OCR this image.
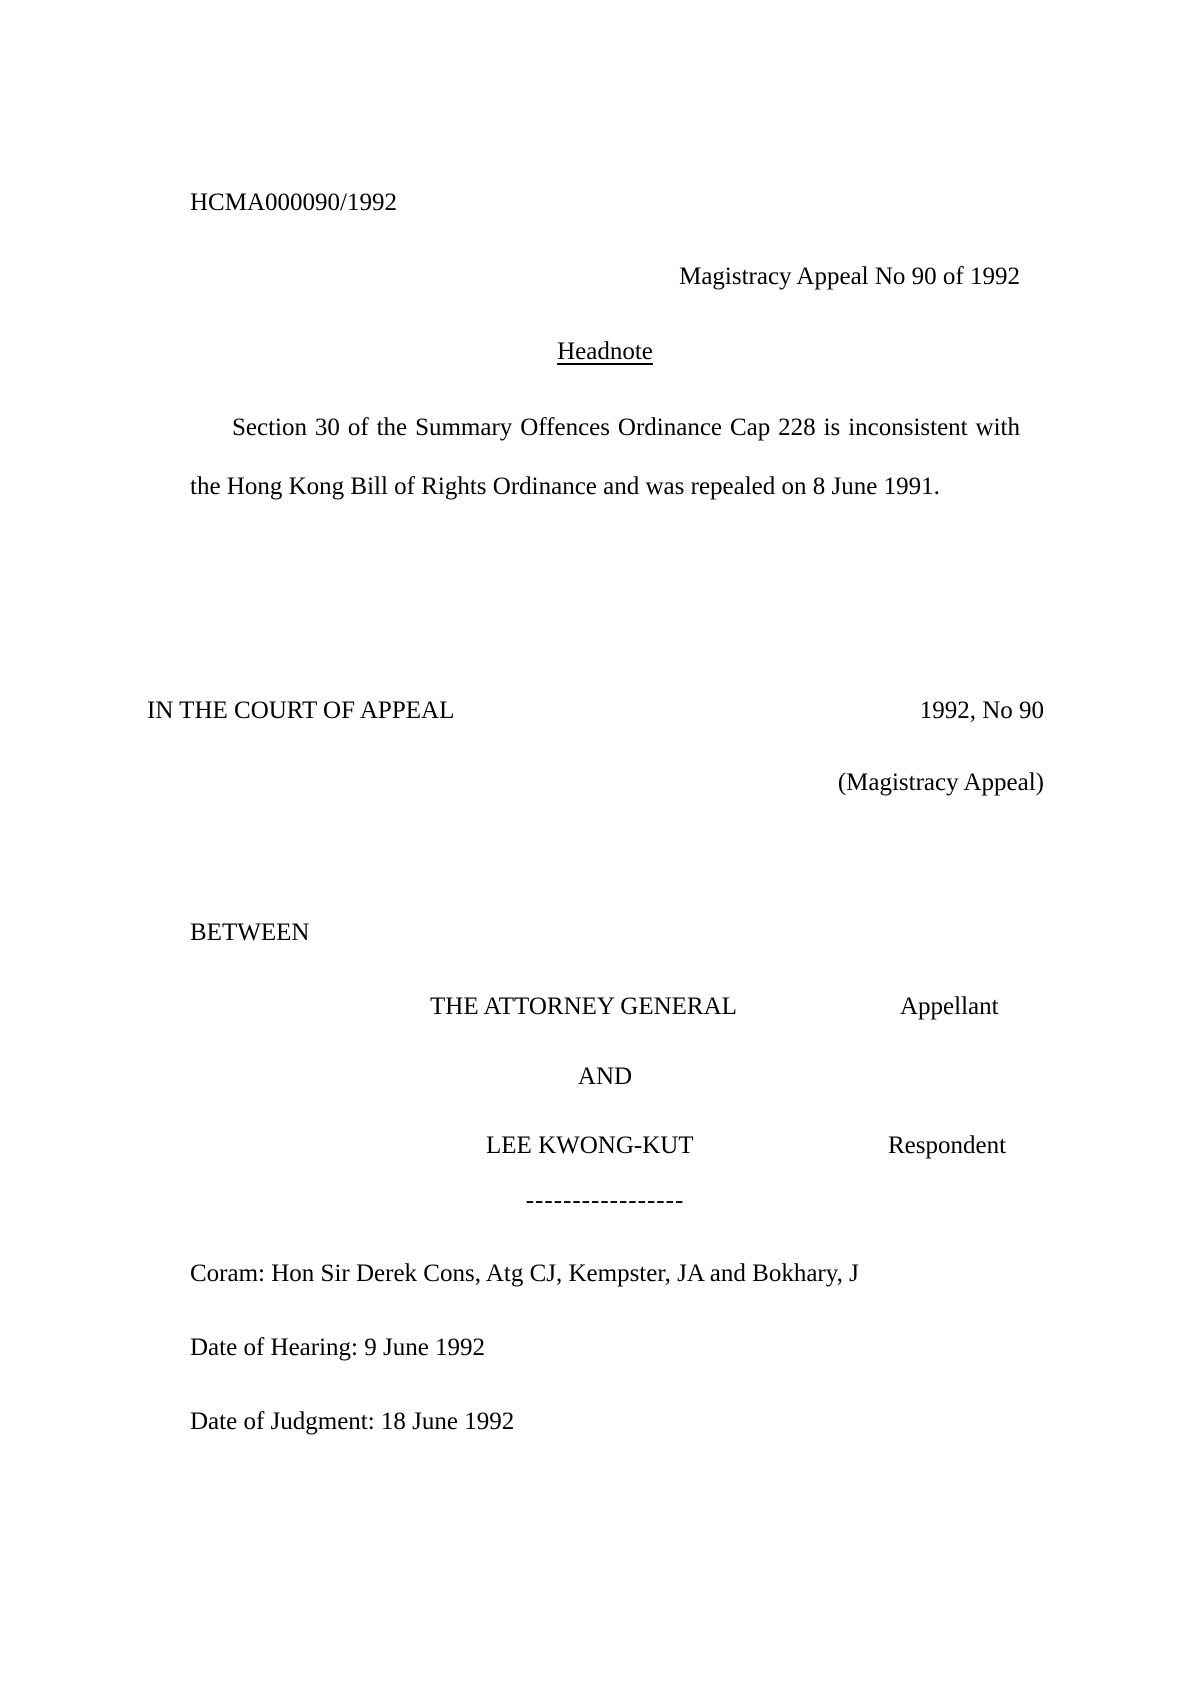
HCMA000090/1992
Magistracy Appeal No 90 of 1992
Headnote
Section 30 of the Summary Offences Ordinance Cap 228 is inconsistent with the Hong Kong Bill of Rights Ordinance and was repealed on 8 June 1991.
IN THE COURT OF APPEAL	1992, No 90
(Magistracy Appeal)
BETWEEN
THE ATTORNEY GENERAL	Appellant
AND
LEE KWONG-KUT	Respondent
-----------------
Coram: Hon Sir Derek Cons, Atg CJ, Kempster, JA and Bokhary, J
Date of Hearing: 9 June 1992
Date of Judgment: 18 June 1992
